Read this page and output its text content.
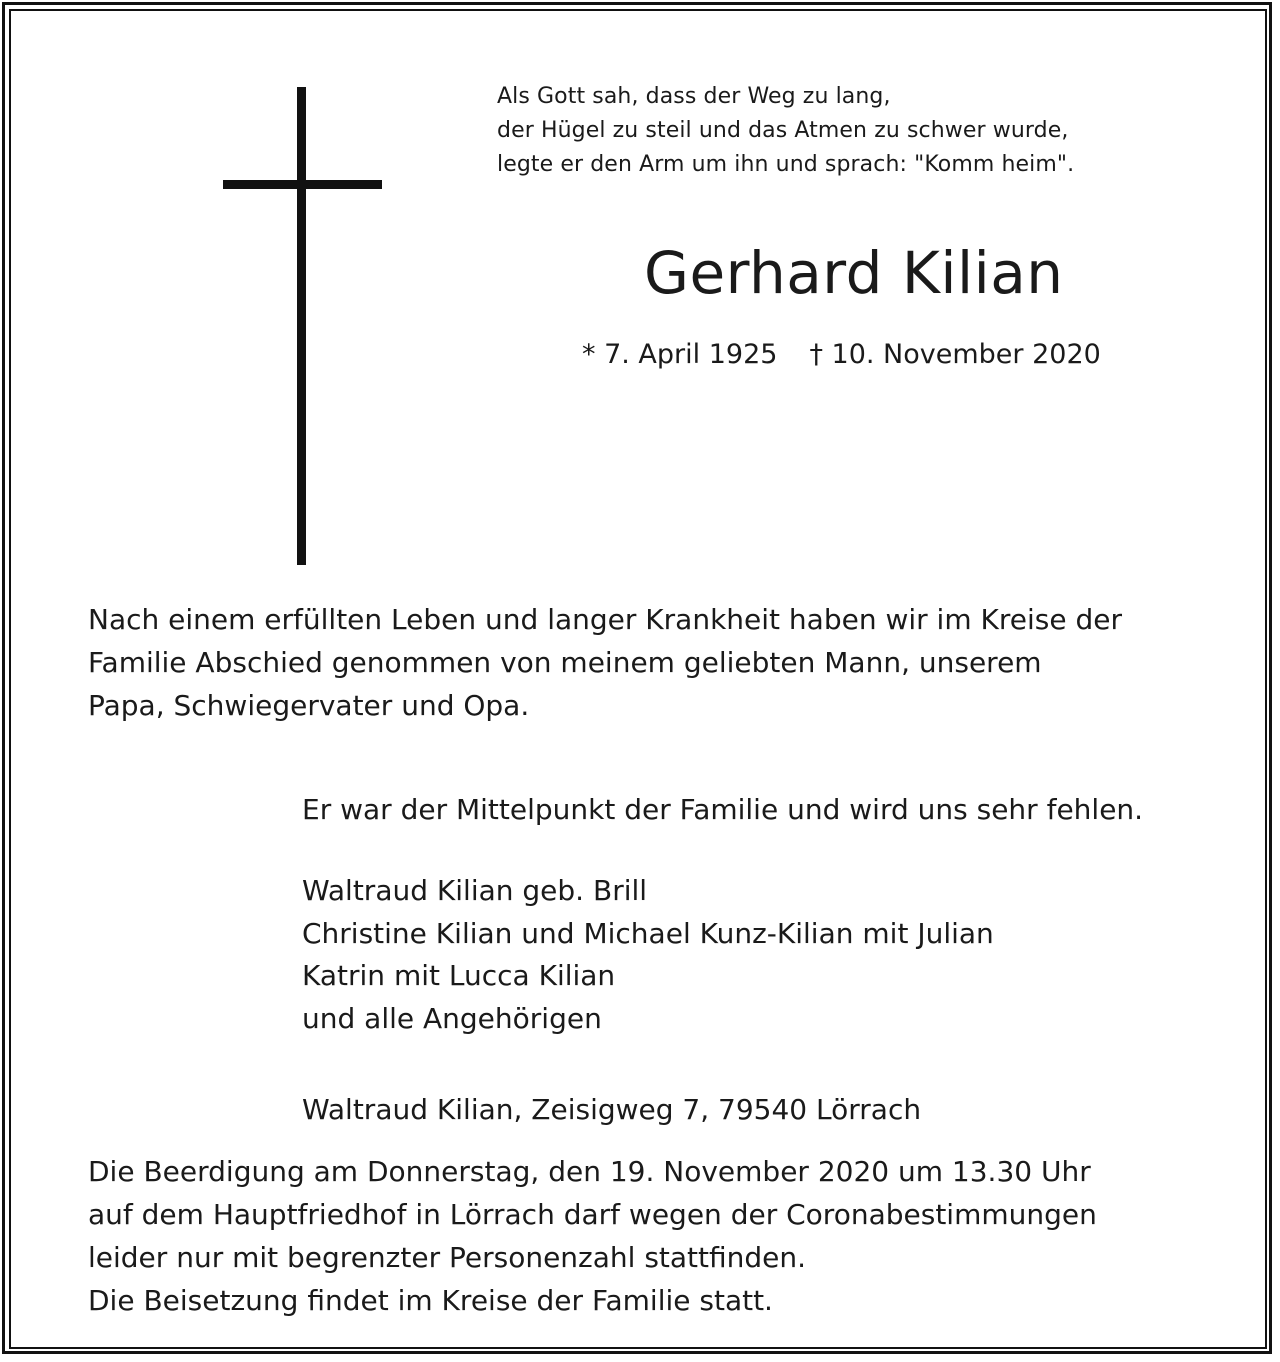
Als Gott sah, dass der Weg zu lang,
der Hügel zu steil und das Atmen zu schwer wurde,
legte er den Arm um ihn und sprach: "Komm heim".
Gerhard Kilian
* 7. April 1925 † 10. November 2020
Nach einem erfüllten Leben und langer Krankheit haben wir im Kreise der
Familie Abschied genommen von meinem geliebten Mann, unserem
Papa, Schwiegervater und Opa.
Er war der Mittelpunkt der Familie und wird uns sehr fehlen.
Waltraud Kilian geb. Brill
Christine Kilian und Michael Kunz-Kilian mit Julian
Katrin mit Lucca Kilian
und alle Angehörigen
Waltraud Kilian, Zeisigweg 7, 79540 Lörrach
Die Beerdigung am Donnerstag, den 19. November 2020 um 13.30 Uhr
auf dem Hauptfriedhof in Lörrach darf wegen der Coronabestimmungen
leider nur mit begrenzter Personenzahl stattfinden.
Die Beisetzung findet im Kreise der Familie statt.
